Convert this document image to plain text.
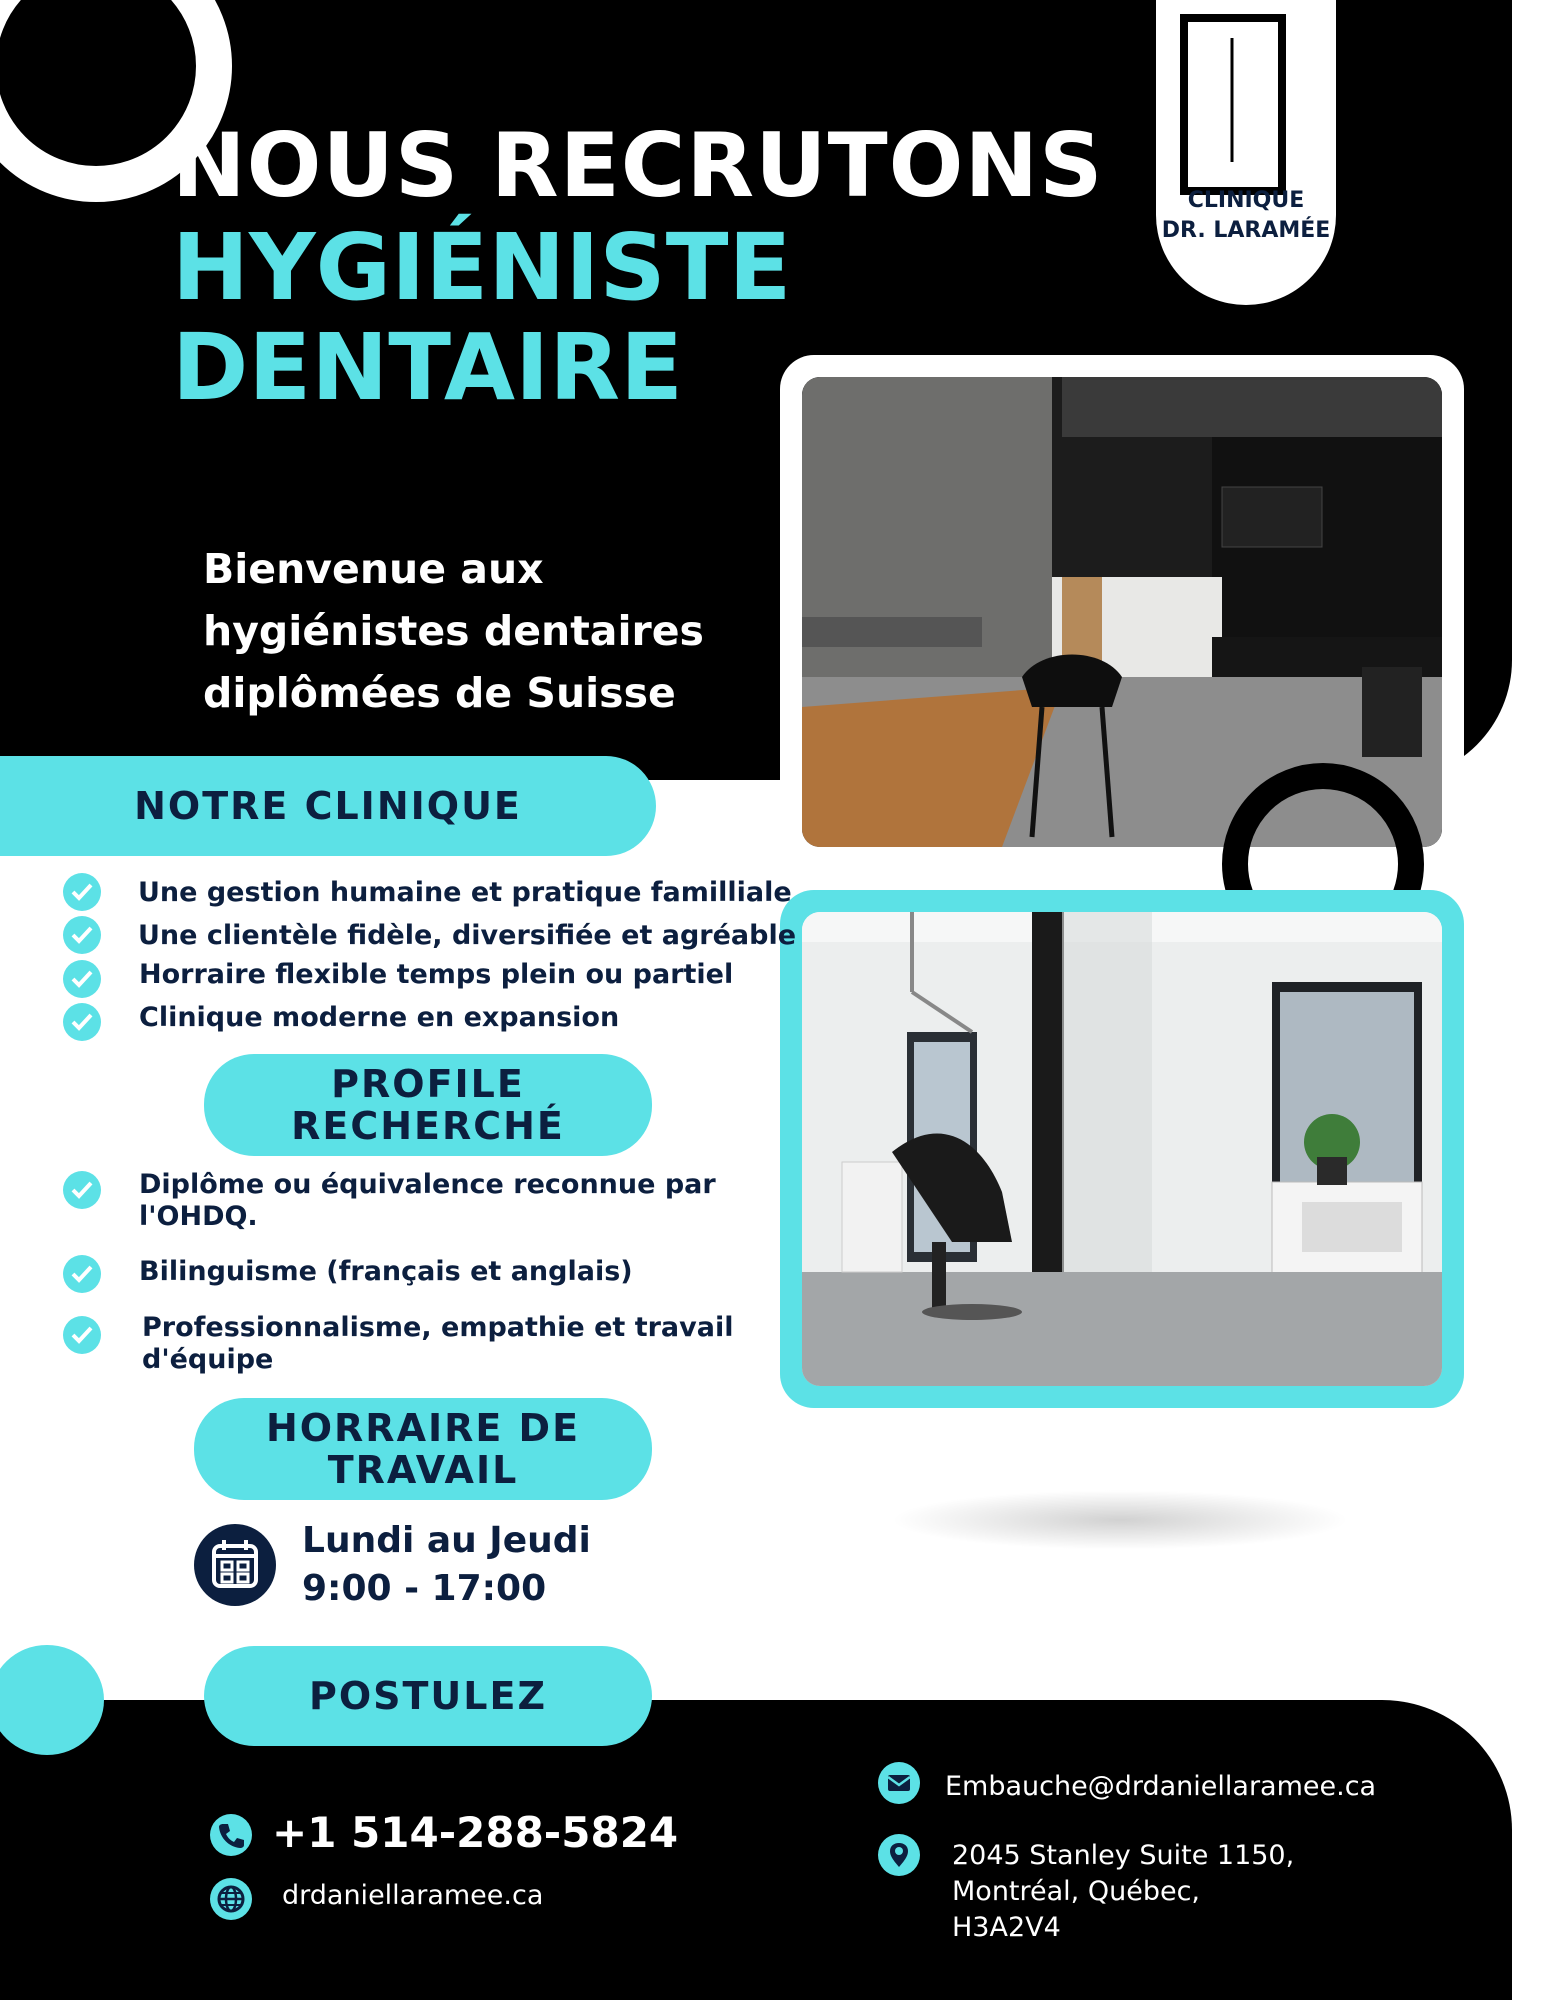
NOUS RECRUTONS
HYGIÉNISTE
DENTAIRE
CLINIQUE
DR. LARAMÉE
Bienvenue aux
hygiénistes dentaires
diplômées de Suisse
NOTRE CLINIQUE
Une gestion humaine et pratique familliale
Une clientèle fidèle, diversifiée et agréable
Horraire flexible temps plein ou partiel
Clinique moderne en expansion
PROFILE
RECHERCHÉ
Diplôme ou équivalence reconnue par
l'OHDQ.
Bilinguisme (français et anglais)
Professionnalisme, empathie et travail
d'équipe
HORRAIRE DE
TRAVAIL
Lundi au Jeudi
9:00 - 17:00
POSTULEZ
+1 514-288-5824
drdaniellaramee.ca
Embauche@drdaniellaramee.ca
2045 Stanley Suite 1150,
Montréal, Québec,
H3A2V4
